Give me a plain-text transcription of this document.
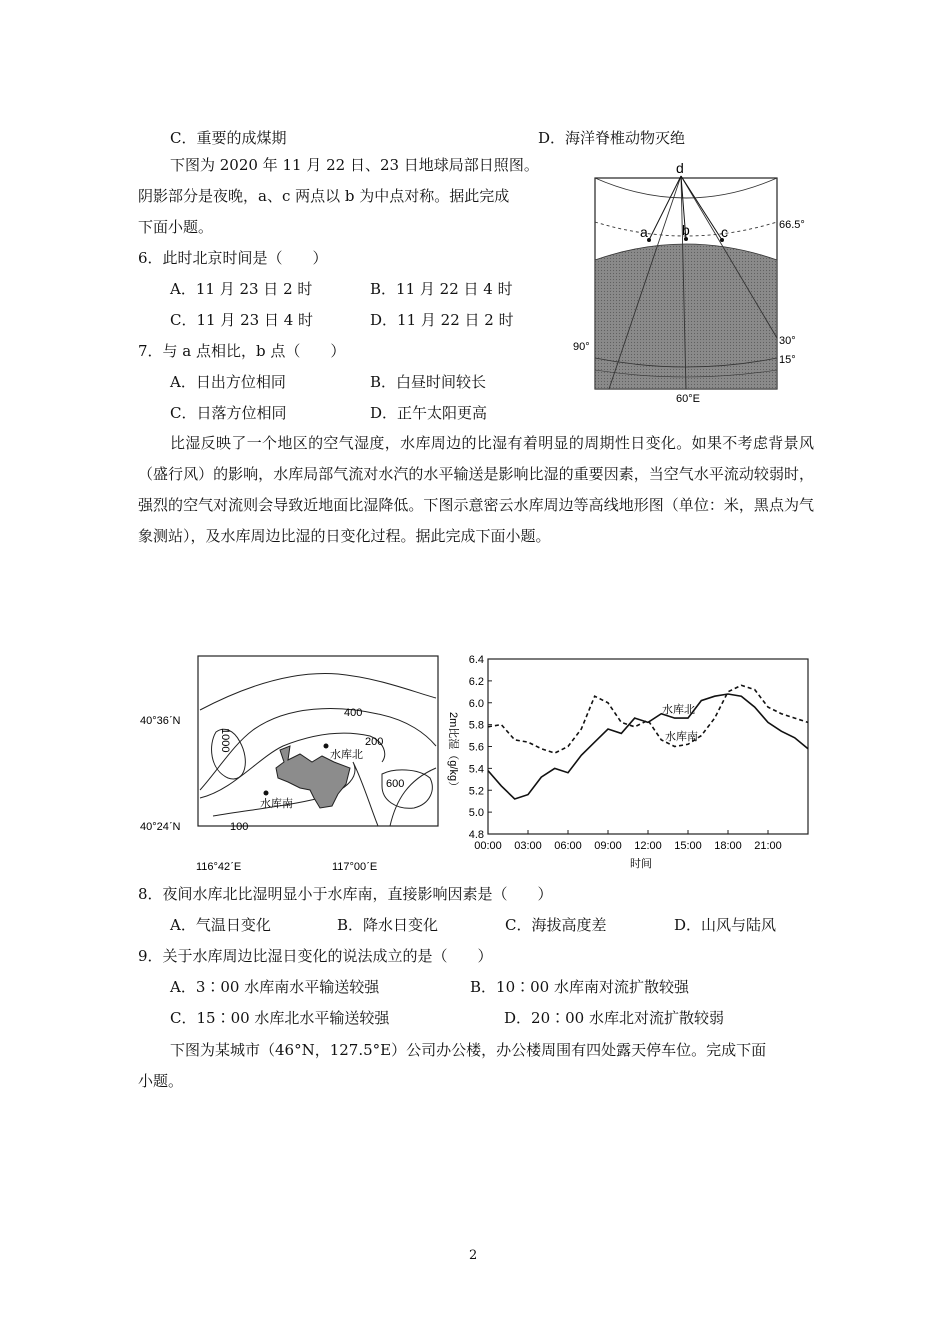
C．重要的成煤期	D．海洋脊椎动物灭绝
下图为 2020 年 11 月 22 日、23 日地球局部日照图。
阴影部分是夜晚，a、c 两点以 b 为中点对称。据此完成
下面小题。
6．此时北京时间是（　　）
A．11 月 23 日 2 时	B．11 月 22 日 4 时
C．11 月 23 日 4 时	D．11 月 22 日 2 时
7．与 a 点相比，b 点（　　）
A．日出方位相同	B．白昼时间较长
C．日落方位相同	D．正午太阳更高
d
a b c	66.5°
30°
15°
90°
60°E
比湿反映了一个地区的空气湿度，水库周边的比湿有着明显的周期性日变化。如果不考虑背景风（盛行风）的影响，水库局部气流对水汽的水平输送是影响比湿的重要因素，当空气水平流动较弱时，强烈的空气对流则会导致近地面比湿降低。下图示意密云水库周边等高线地形图（单位：米，黑点为气象测站），及水库周边比湿的日变化过程。据此完成下面小题。
40°36ˊN
40°24ˊN
116°42ˊE	117°00ˊE
400
200
600
100
水库北
水库南
1000
6.4
6.2
6.0
5.8
5.6
5.4
5.2
5.0
4.8
00:00 03:00 06:00 09:00 12:00 15:00 18:00 21:00
水库北
水库南
2m比湿（g/kg）
时间
8．夜间水库北比湿明显小于水库南，直接影响因素是（　　）
A．气温日变化	B．降水日变化	C．海拔高度差	D．山风与陆风
9．关于水库周边比湿日变化的说法成立的是（　　）
A．3∶00 水库南水平输送较强	B．10∶00 水库南对流扩散较强
C．15∶00 水库北水平输送较强	D．20∶00 水库北对流扩散较弱
下图为某城市（46°N，127.5°E）公司办公楼，办公楼周围有四处露天停车位。完成下面
小题。
2
